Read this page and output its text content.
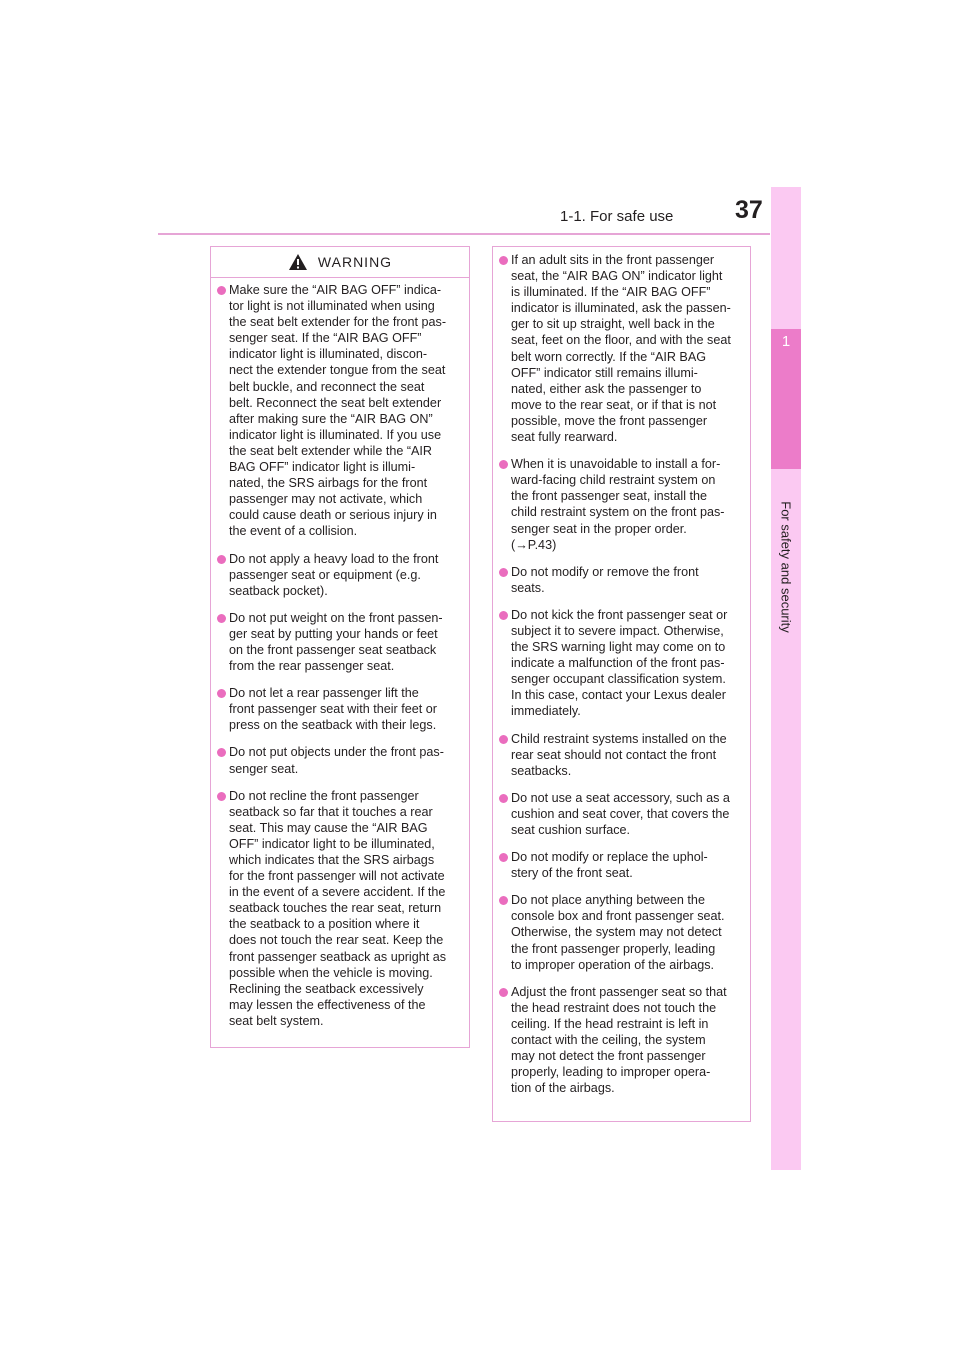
1-1. For safe use 37
1
For safety and security
WARNING
Make sure the “AIR BAG OFF” indica-
tor light is not illuminated when using
the seat belt extender for the front pas-
senger seat. If the “AIR BAG OFF”
indicator light is illuminated, discon-
nect the extender tongue from the seat
belt buckle, and reconnect the seat
belt. Reconnect the seat belt extender
after making sure the “AIR BAG ON”
indicator light is illuminated. If you use
the seat belt extender while the “AIR
BAG OFF” indicator light is illumi-
nated, the SRS airbags for the front
passenger may not activate, which
could cause death or serious injury in
the event of a collision.
Do not apply a heavy load to the front
passenger seat or equipment (e.g.
seatback pocket).
Do not put weight on the front passen-
ger seat by putting your hands or feet
on the front passenger seat seatback
from the rear passenger seat.
Do not let a rear passenger lift the
front passenger seat with their feet or
press on the seatback with their legs.
Do not put objects under the front pas-
senger seat.
Do not recline the front passenger
seatback so far that it touches a rear
seat. This may cause the “AIR BAG
OFF” indicator light to be illuminated,
which indicates that the SRS airbags
for the front passenger will not activate
in the event of a severe accident. If the
seatback touches the rear seat, return
the seatback to a position where it
does not touch the rear seat. Keep the
front passenger seatback as upright as
possible when the vehicle is moving.
Reclining the seatback excessively
may lessen the effectiveness of the
seat belt system.
If an adult sits in the front passenger
seat, the “AIR BAG ON” indicator light
is illuminated. If the “AIR BAG OFF”
indicator is illuminated, ask the passen-
ger to sit up straight, well back in the
seat, feet on the floor, and with the seat
belt worn correctly. If the “AIR BAG
OFF” indicator still remains illumi-
nated, either ask the passenger to
move to the rear seat, or if that is not
possible, move the front passenger
seat fully rearward.
When it is unavoidable to install a for-
ward-facing child restraint system on
the front passenger seat, install the
child restraint system on the front pas-
senger seat in the proper order.
(→P.43)
Do not modify or remove the front
seats.
Do not kick the front passenger seat or
subject it to severe impact. Otherwise,
the SRS warning light may come on to
indicate a malfunction of the front pas-
senger occupant classification system.
In this case, contact your Lexus dealer
immediately.
Child restraint systems installed on the
rear seat should not contact the front
seatbacks.
Do not use a seat accessory, such as a
cushion and seat cover, that covers the
seat cushion surface.
Do not modify or replace the uphol-
stery of the front seat.
Do not place anything between the
console box and front passenger seat.
Otherwise, the system may not detect
the front passenger properly, leading
to improper operation of the airbags.
Adjust the front passenger seat so that
the head restraint does not touch the
ceiling. If the head restraint is left in
contact with the ceiling, the system
may not detect the front passenger
properly, leading to improper opera-
tion of the airbags.
